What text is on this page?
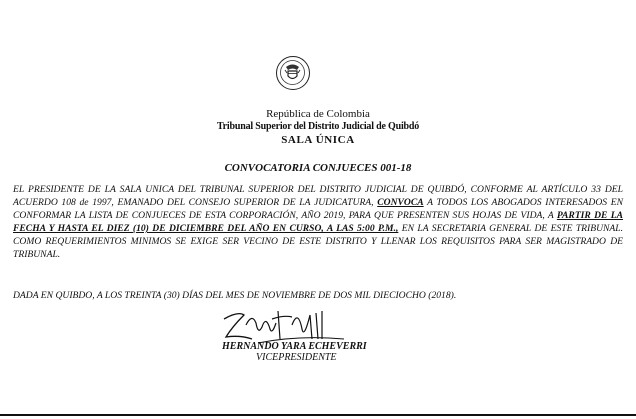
República de Colombia
Tribunal Superior del Distrito Judicial de Quibdó
SALA ÚNICA
CONVOCATORIA CONJUECES 001-18
EL PRESIDENTE DE LA SALA UNICA DEL TRIBUNAL SUPERIOR DEL DISTRITO JUDICIAL DE QUIBDÓ, CONFORME AL ARTÍCULO 33 DEL ACUERDO 108 de 1997, EMANADO DEL CONSEJO SUPERIOR DE LA JUDICATURA, CONVOCA A TODOS LOS ABOGADOS INTERESADOS EN CONFORMAR LA LISTA DE CONJUECES DE ESTA CORPORACIÓN, AÑO 2019, PARA QUE PRESENTEN SUS HOJAS DE VIDA, A PARTIR DE LA FECHA Y HASTA EL DIEZ (10) DE DICIEMBRE DEL AÑO EN CURSO, A LAS 5:00 P.M., EN LA SECRETARIA GENERAL DE ESTE TRIBUNAL. COMO REQUERIMIENTOS MINIMOS SE EXIGE SER VECINO DE ESTE DISTRITO Y LLENAR LOS REQUISITOS PARA SER MAGISTRADO DE TRIBUNAL.
DADA EN QUIBDO, A LOS TREINTA (30) DÍAS DEL MES DE NOVIEMBRE DE DOS MIL DIECIOCHO (2018).
HERNANDO YARA ECHEVERRI
VICEPRESIDENTE
